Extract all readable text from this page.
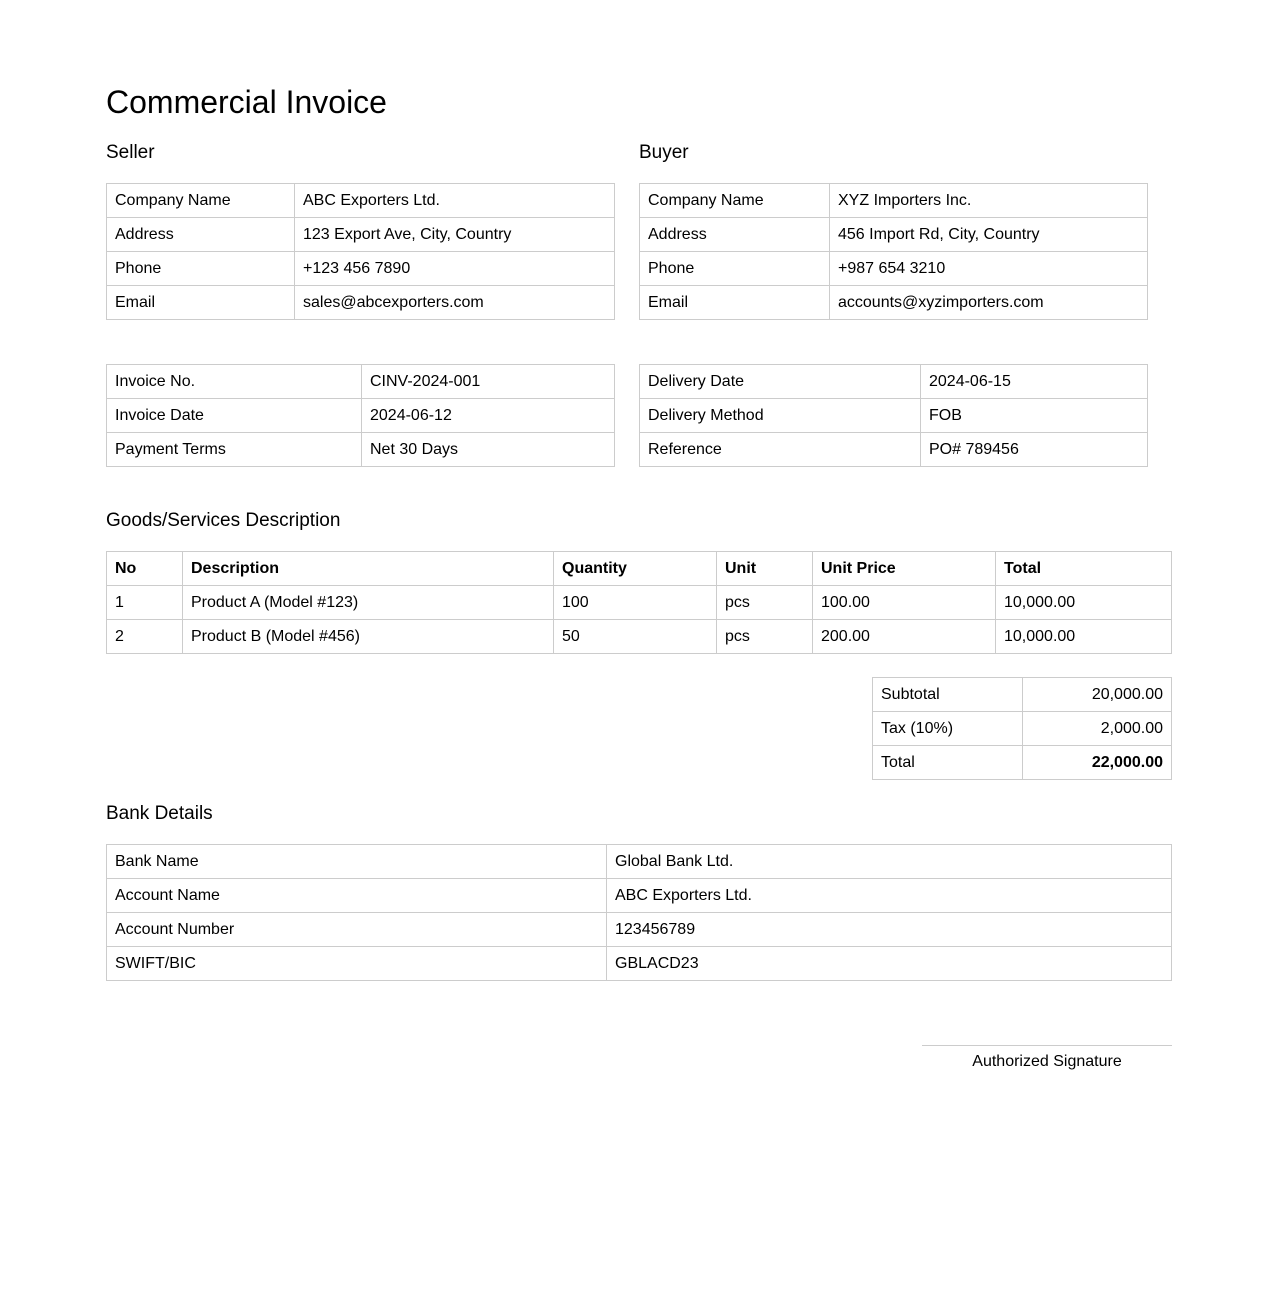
Commercial Invoice
Seller
Company Name	ABC Exporters Ltd.
Address	123 Export Ave, City, Country
Phone	+123 456 7890
Email	sales@abcexporters.com
Buyer
Company Name	XYZ Importers Inc.
Address	456 Import Rd, City, Country
Phone	+987 654 3210
Email	accounts@xyzimporters.com
Invoice No.	CINV-2024-001
Invoice Date	2024-06-12
Payment Terms	Net 30 Days
Delivery Date	2024-06-15
Delivery Method	FOB
Reference	PO# 789456
Goods/Services Description
No	Description	Quantity	Unit	Unit Price	Total
1	Product A (Model #123)	100	pcs	100.00	10,000.00
2	Product B (Model #456)	50	pcs	200.00	10,000.00
Subtotal	20,000.00
Tax (10%)	2,000.00
Total	22,000.00
Bank Details
Bank Name	Global Bank Ltd.
Account Name	ABC Exporters Ltd.
Account Number	123456789
SWIFT/BIC	GBLACD23
Authorized Signature
